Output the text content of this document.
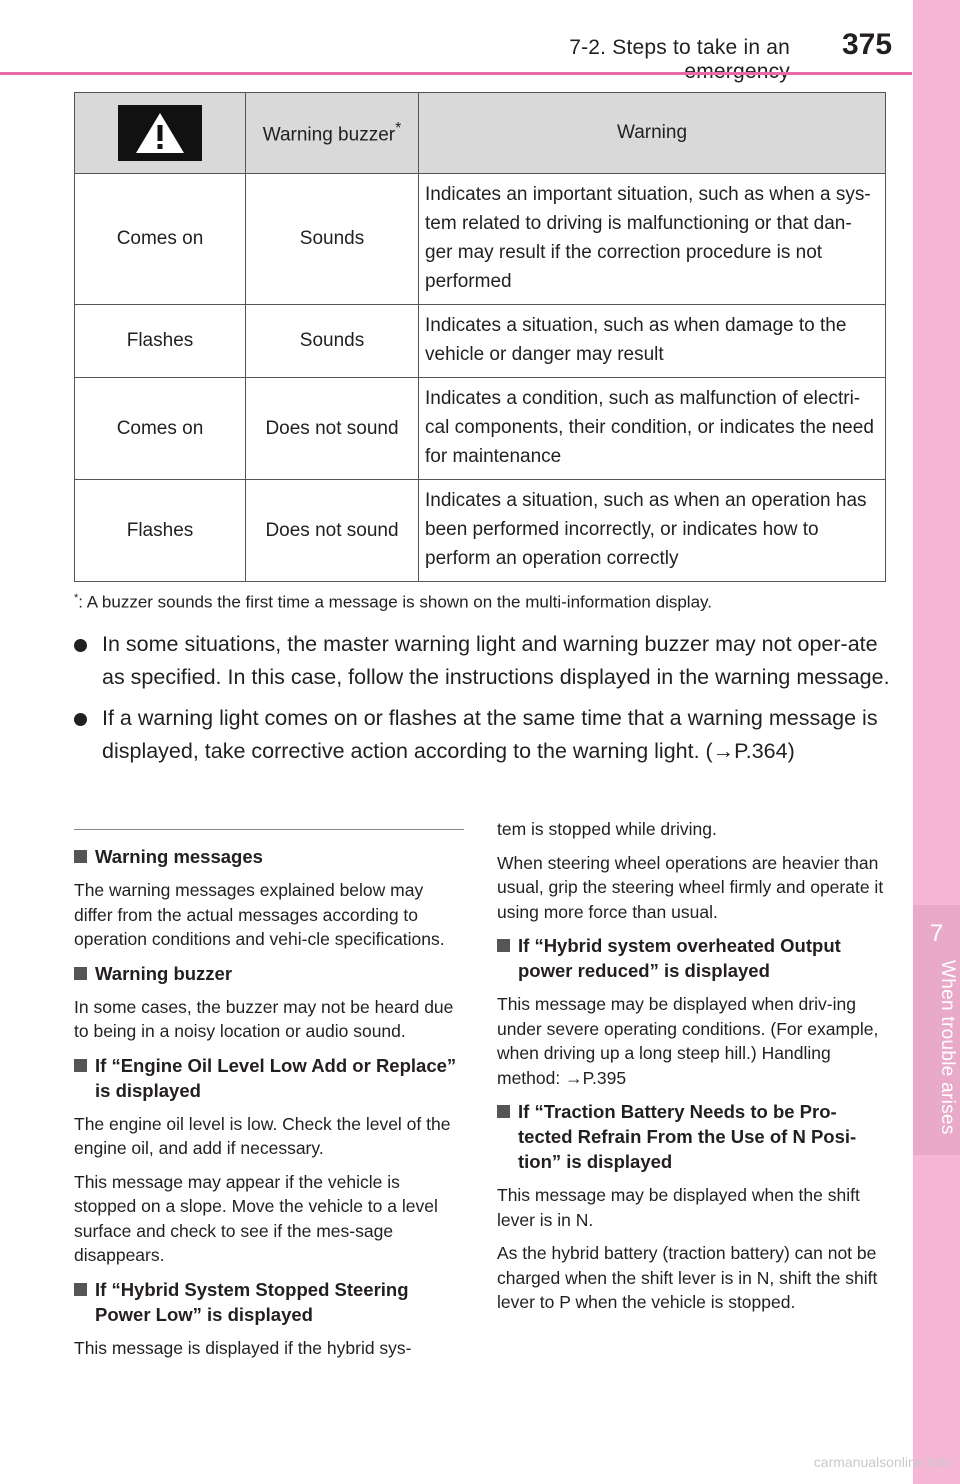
7-2. Steps to take in an 375
7
When trouble arises
	Warning buzzer*	Warning
Comes on	Sounds	Indicates an important situation, such as when a sys-tem related to driving is malfunctioning or that dan-ger may result if the correction procedure is not performed
Flashes	Sounds	Indicates a situation, such as when damage to the vehicle or danger may result
Comes on	Does not sound	Indicates a condition, such as malfunction of electri-cal components, their condition, or indicates the need for maintenance
Flashes	Does not sound	Indicates a situation, such as when an operation has been performed incorrectly, or indicates how to perform an operation correctly
*: A buzzer sounds the first time a message is shown on the multi-information display.
In some situations, the master warning light and warning buzzer may not oper-ate as specified. In this case, follow the instructions displayed in the warning message.
If a warning light comes on or flashes at the same time that a warning message is displayed, take corrective action according to the warning light. (→P.364)
Warning messages

The warning messages explained below may differ from the actual messages according to operation conditions and vehi-cle specifications.

Warning buzzer

In some cases, the buzzer may not be heard due to being in a noisy location or audio sound.

If “Engine Oil Level Low Add or Replace” is displayed

The engine oil level is low. Check the level of the engine oil, and add if necessary.

This message may appear if the vehicle is stopped on a slope. Move the vehicle to a level surface and check to see if the mes-sage disappears.

If “Hybrid System Stopped Steering Power Low” is displayed

This message is displayed if the hybrid sys-

tem is stopped while driving.

When steering wheel operations are heavier than usual, grip the steering wheel firmly and operate it using more force than usual.

If “Hybrid system overheated Output power reduced” is displayed

This message may be displayed when driv-ing under severe operating conditions. (For example, when driving up a long steep hill.) Handling method: →P.395

If “Traction Battery Needs to be Pro-tected Refrain From the Use of N Posi-tion” is displayed

This message may be displayed when the shift lever is in N.

As the hybrid battery (traction battery) can not be charged when the shift lever is in N, shift the shift lever to P when the vehicle is stopped.

carmanualsonline.info
